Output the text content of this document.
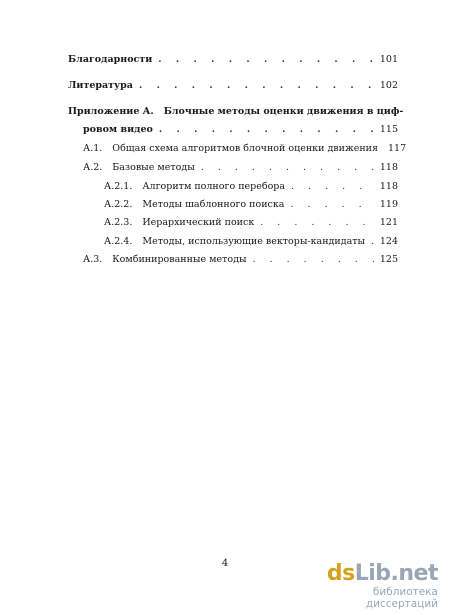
Благодарности . . .	101
Литература . . .	102
Приложение А. Блочные методы оценки движения в циф-
ровом видео . . .	115
А.1. Общая схема алгоритмов блочной оценки движения 117
А.2. Базовые методы . . .	118
А.2.1. Алгоритм полного перебора . . .	118
А.2.2. Методы шаблонного поиска . . .	119
А.2.3. Иерархический поиск . . .	121
А.2.4. Методы, использующие векторы-кандидаты . . . 124
А.3. Комбинированные методы . . .	125
4	dsLib.net
библиотека диссертаций
